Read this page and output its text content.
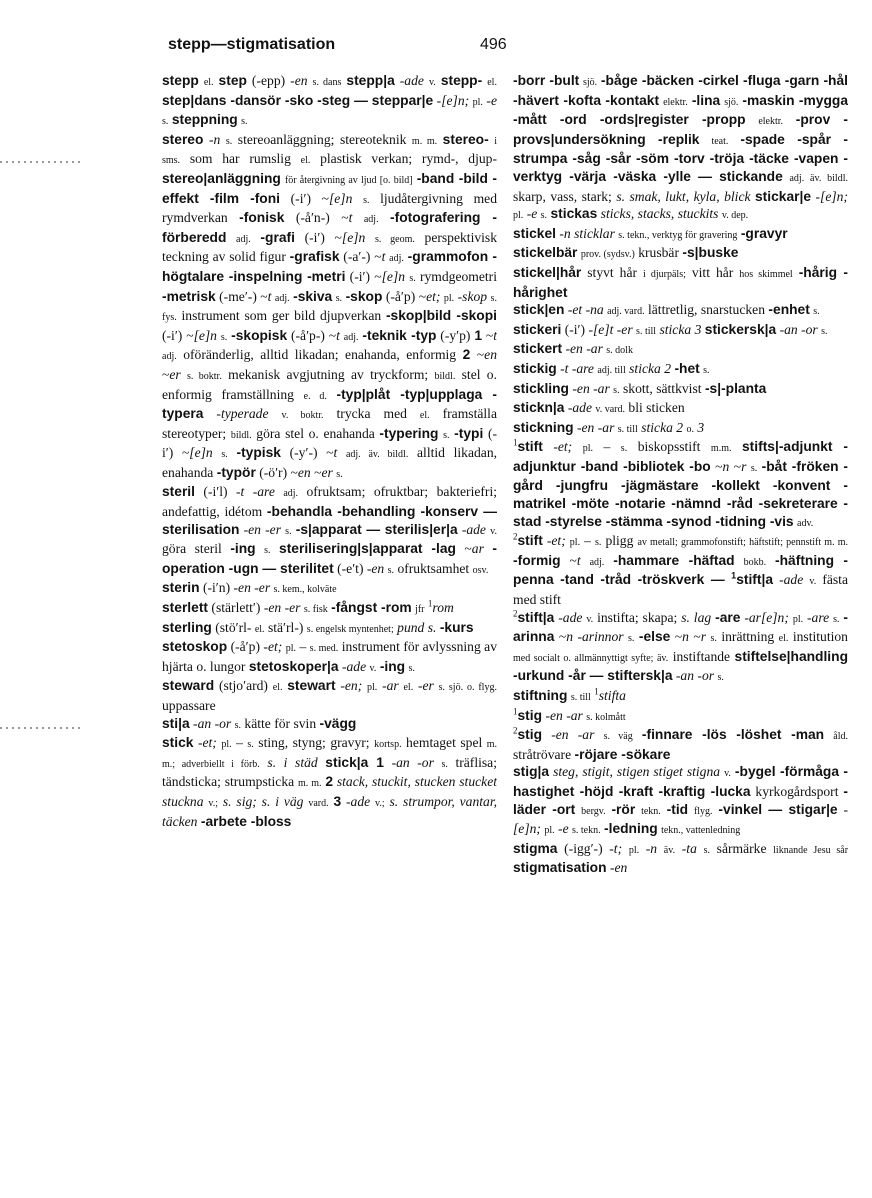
stepp—stigmatisation	496

stepp el. step (-epp) -en s. dans stepp|a -ade v. stepp- el. step|dans -dansör -sko -steg — steppar|e -[e]n; pl. -e s. steppning s.

stereo -n s. stereoanläggning; stereoteknik m. m. stereo- i sms. som har rumslig el. plastisk verkan; rymd-, djup- stereo|anläggning för återgivning av ljud [o. bild] -band -bild -effekt -film -foni (-i′) ~[e]n s. ljudåtergivning med rymdverkan -fonisk (-å′n-) ~t adj. -fotografering -förberedd adj. -grafi (-i′) ~[e]n s. geom. perspektivisk teckning av solid figur -grafisk (-a′-) ~t adj. -grammofon -högtalare -inspelning -metri (-i′) ~[e]n s. rymdgeometri -metrisk (-me′-) ~t adj. -skiva s. -skop (-å′p) ~et; pl. -skop s. fys. instrument som ger bild djupverkan -skop|bild -skopi (-i′) ~[e]n s. -skopisk (-å′p-) ~t adj. -teknik -typ (-y′p) 1 ~t adj. oföränderlig, alltid likadan; enahanda, enformig 2 ~en ~er s. boktr. mekanisk avgjutning av tryckform; bildl. stel o. enformig framställning e. d. -typ|plåt -typ|upplaga -typera -typerade v. boktr. trycka med el. framställa stereotyper; bildl. göra stel o. enahanda -typering s. -typi (-i′) ~[e]n s. -typisk (-y′-) ~t adj. äv. bildl. alltid likadan, enahanda -typör (-ö′r) ~en ~er s.

steril (-i′l) -t -are adj. ofruktsam; ofruktbar; bakteriefri; andefattig, idétom -behandla -behandling -konserv — sterilisation -en -er s. -s|apparat — sterilis|er|a -ade v. göra steril -ing s. sterilisering|s|apparat -lag ~ar -operation -ugn — sterilitet (-e′t) -en s. ofruktsamhet osv.

sterin (-i′n) -en -er s. kem., kolväte

sterlett (stärlett′) -en -er s. fisk -fångst -rom jfr $^1$rom

sterling (stö′rl- el. stä′rl-) s. engelsk myntenhet; pund s. -kurs

stetoskop (-å′p) -et; pl. – s. med. instrument för avlyssning av hjärta o. lungor stetoskoper|a -ade v. -ing s.

steward (stjo′ard) el. stewart -en; pl. -ar el. -er s. sjö. o. flyg. uppassare

sti|a -an -or s. kätte för svin -vägg

stick -et; pl. – s. sting, styng; gravyr; kortsp. hemtaget spel m. m.; adverbiellt i förb. s. i städ stick|a 1 -an -or s. träflisa; tändsticka; strumpsticka m. m. 2 stack, stuckit, stucken stucket stuckna v.; s. sig; s. i väg vard. 3 -ade v.; s. strumpor, vantar, täcken -arbete -bloss

-borr -bult sjö. -båge -bäcken -cirkel -fluga -garn -hål -hävert -kofta -kontakt elektr. -lina sjö. -maskin -mygga -mått -ord -ords|register -propp elektr. -prov -provs|undersökning -replik teat. -spade -spår -strumpa -såg -sår -söm -torv -tröja -täcke -vapen -verktyg -värja -väska -ylle — stickande adj. äv. bildl. skarp, vass, stark; s. smak, lukt, kyla, blick stickar|e -[e]n; pl. -e s. stickas sticks, stacks, stuckits v. dep.

stickel -n sticklar s. tekn., verktyg för gravering -gravyr

stickelbär prov. (sydsv.) krusbär -s|buske

stickel|hår styvt hår i djurpäls; vitt hår hos skimmel -hårig -hårighet

stick|en -et -na adj. vard. lättretlig, snarstucken -enhet s.

stickeri (-i′) -[e]t -er s. till sticka 3 stickersk|a -an -or s.

stickert -en -ar s. dolk

stickig -t -are adj. till sticka 2 -het s.

stickling -en -ar s. skott, sättkvist -s|-planta

stickn|a -ade v. vard. bli sticken

stickning -en -ar s. till sticka 2 o. 3

$^1$stift -et; pl. – s. biskopsstift m.m. stifts|-adjunkt -adjunktur -band -bibliotek -bo ~n ~r s. -båt -fröken -gård -jungfru -jägmästare -kollekt -konvent -matrikel -möte -notarie -nämnd -råd -sekreterare -stad -styrelse -stämma -synod -tidning -vis adv.

$^2$stift -et; pl. – s. pligg av metall; grammofonstift; häftstift; pennstift m. m. -formig ~t adj. -hammare -häftad bokb. -häftning -penna -tand -tråd -tröskverk — $^1$stift|a -ade v. fästa med stift

$^2$stift|a -ade v. instifta; skapa; s. lag -are -ar[e]n; pl. -are s. -arinna ~n -arinnor s. -else ~n ~r s. inrättning el. institution med socialt o. allmännyttigt syfte; äv. instiftande stiftelse|handling -urkund -år — stiftersk|a -an -or s.

stiftning s. till $^1$stifta

$^1$stig -en -ar s. kolmått

$^2$stig -en -ar s. väg -finnare -lös -löshet -man åld. stråtrövare -röjare -sökare

stig|a steg, stigit, stigen stiget stigna v. -bygel -förmåga -hastighet -höjd -kraft -kraftig -lucka kyrkogårdsport -läder -ort bergv. -rör tekn. -tid flyg. -vinkel — stigar|e -[e]n; pl. -e s. tekn. -ledning tekn., vattenledning

stigma (-igg′-) -t; pl. -n äv. -ta s. sårmärke liknande Jesu sår stigmatisation -en
